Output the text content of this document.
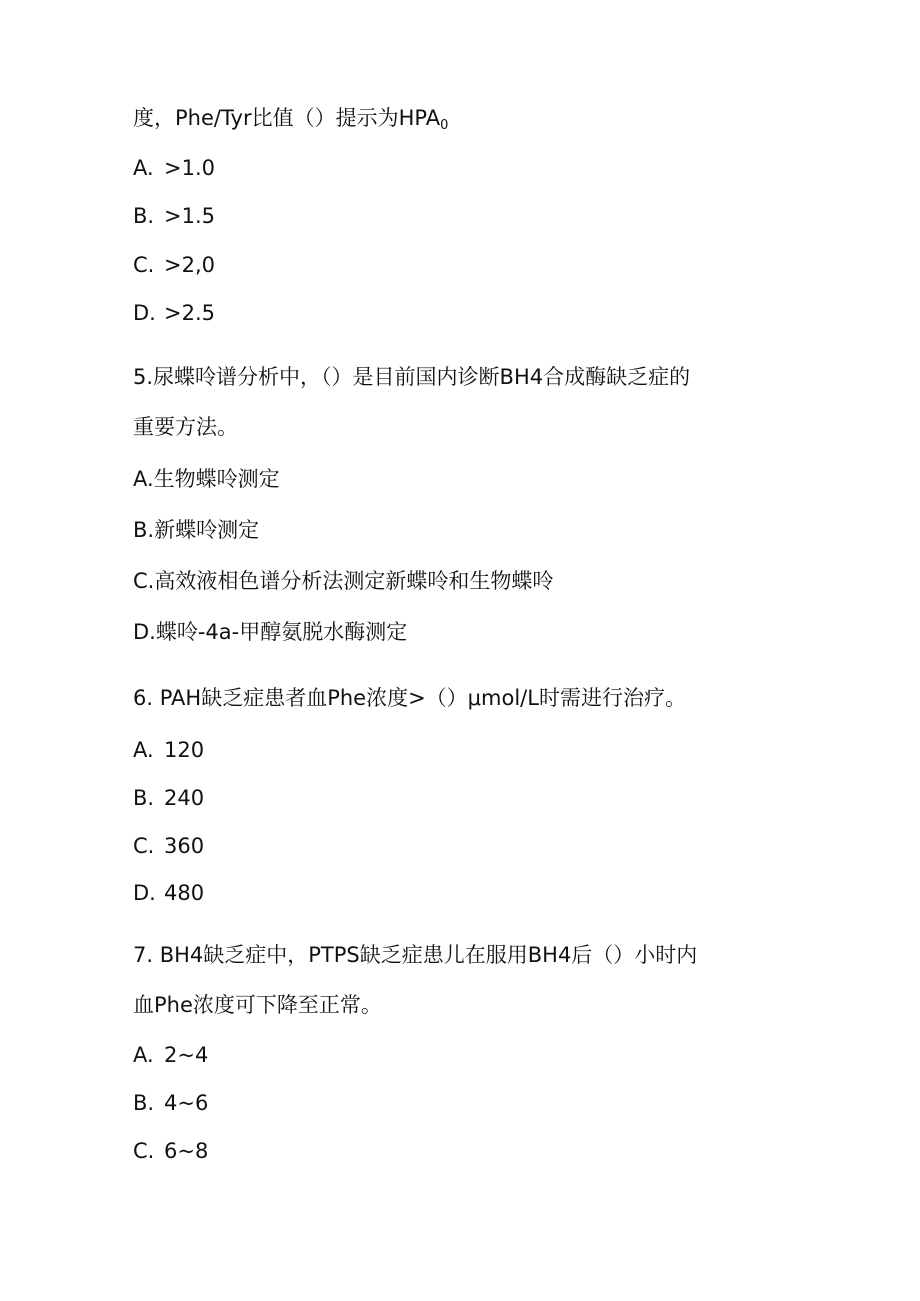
度，Phe/Tyr比值（）提示为$HPA_0$
A. >1.0
B. >1.5
C. >2,0
D. >2.5
5.尿蝶呤谱分析中，（）是目前国内诊断BH4合成酶缺乏症的
重要方法。
A.生物蝶呤测定
B.新蝶呤测定
C.高效液相色谱分析法测定新蝶呤和生物蝶呤
D.蝶呤-4a-甲醇氨脱水酶测定
6. PAH缺乏症患者血Phe浓度>（）μmol/L时需进行治疗。
A. 120
B. 240
C. 360
D. 480
7. BH4缺乏症中，PTPS缺乏症患儿在服用BH4后（）小时内
血Phe浓度可下降至正常。
A. 2~4
B. 4~6
C. 6~8
